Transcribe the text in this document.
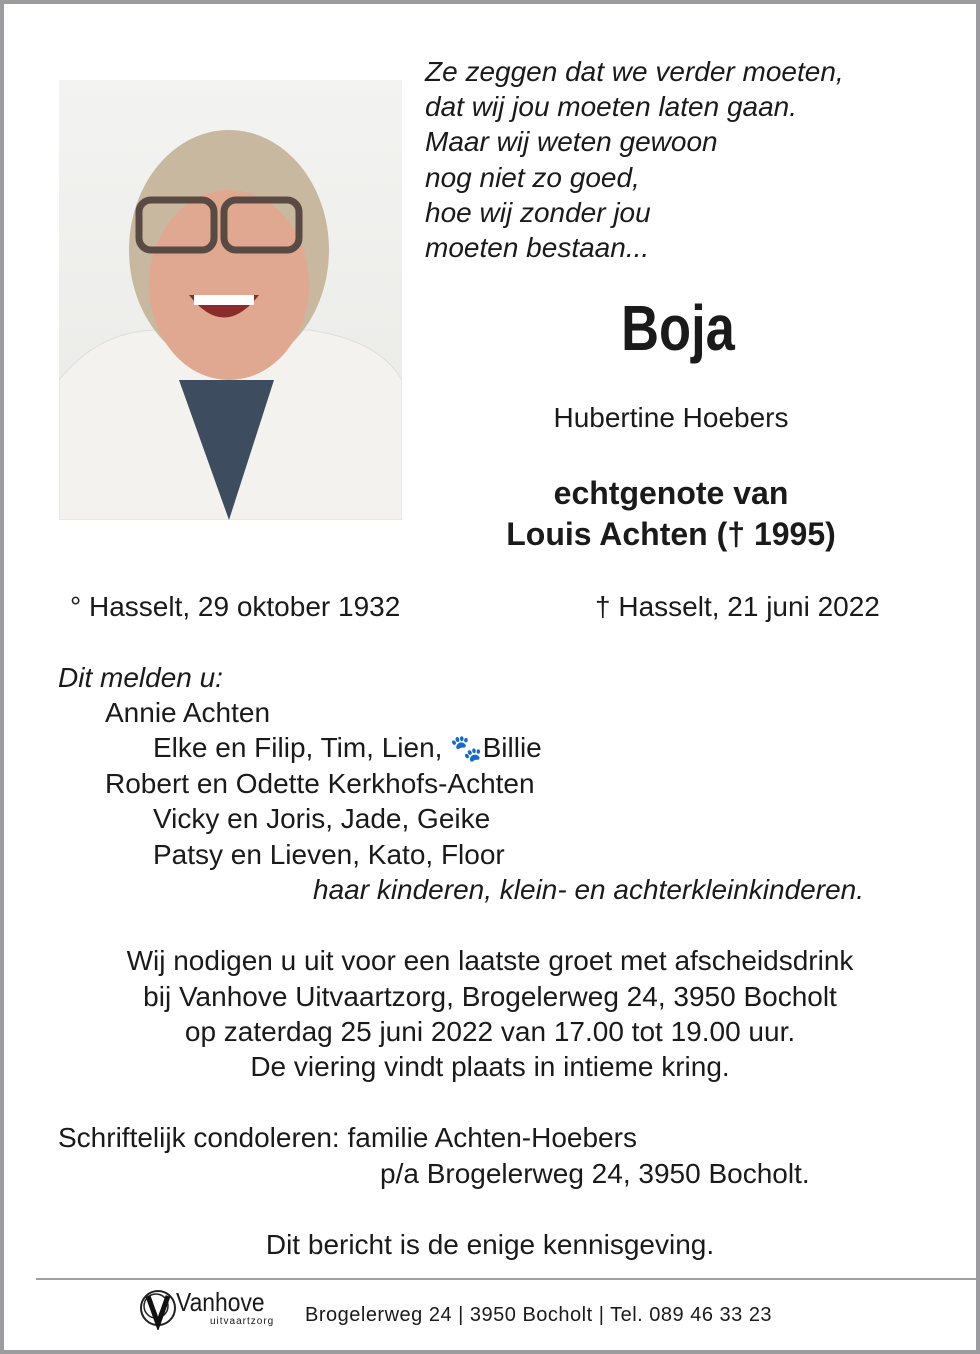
Ze zeggen dat we verder moeten,
dat wij jou moeten laten gaan.
Maar wij weten gewoon
nog niet zo goed,
hoe wij zonder jou
moeten bestaan...
Boja
Hubertine Hoebers
echtgenote van
Louis Achten († 1995)
° Hasselt, 29 oktober 1932	† Hasselt, 21 juni 2022
Dit melden u:
Annie Achten
Elke en Filip, Tim, Lien, 🐾Billie
Robert en Odette Kerkhofs-Achten
Vicky en Joris, Jade, Geike
Patsy en Lieven, Kato, Floor
haar kinderen, klein- en achterkleinkinderen.
Wij nodigen u uit voor een laatste groet met afscheidsdrink
bij Vanhove Uitvaartzorg, Brogelerweg 24, 3950 Bocholt
op zaterdag 25 juni 2022 van 17.00 tot 19.00 uur.
De viering vindt plaats in intieme kring.
Schriftelijk condoleren: familie Achten-Hoebers
p/a Brogelerweg 24, 3950 Bocholt.
Dit bericht is de enige kennisgeving.
Vanhove
uitvaartzorg Brogelerweg 24 | 3950 Bocholt | Tel. 089 46 33 23
